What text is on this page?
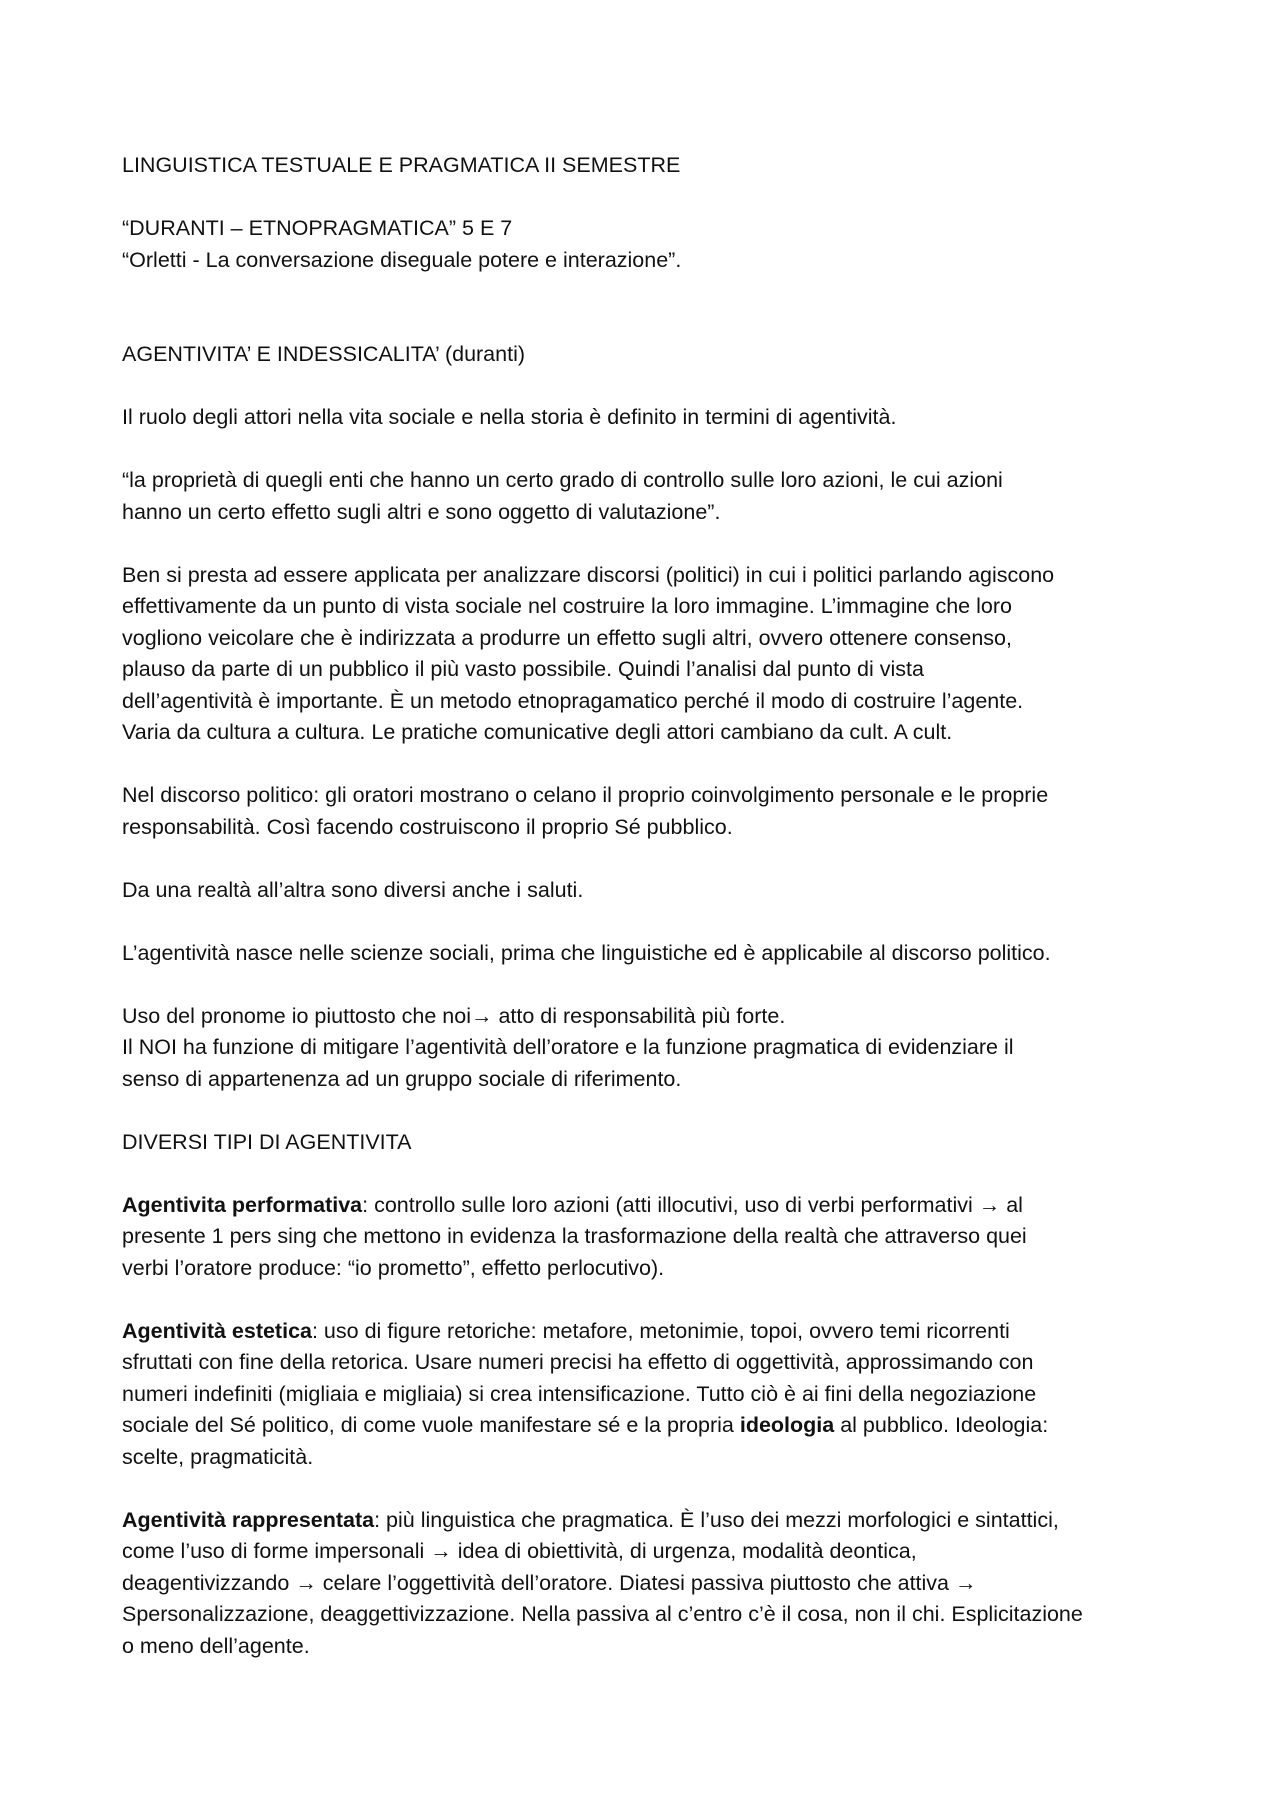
LINGUISTICA TESTUALE E PRAGMATICA II SEMESTRE

“DURANTI – ETNOPRAGMATICA” 5 E 7
“Orletti - La conversazione diseguale potere e interazione”.

AGENTIVITA’ E INDESSICALITA’ (duranti)

Il ruolo degli attori nella vita sociale e nella storia è definito in termini di agentività.

“la proprietà di quegli enti che hanno un certo grado di controllo sulle loro azioni, le cui azioni
hanno un certo effetto sugli altri e sono oggetto di valutazione”.

Ben si presta ad essere applicata per analizzare discorsi (politici) in cui i politici parlando agiscono
effettivamente da un punto di vista sociale nel costruire la loro immagine. L’immagine che loro
vogliono veicolare che è indirizzata a produrre un effetto sugli altri, ovvero ottenere consenso,
plauso da parte di un pubblico il più vasto possibile. Quindi l’analisi dal punto di vista
dell’agentività è importante. È un metodo etnopragamatico perché il modo di costruire l’agente.
Varia da cultura a cultura. Le pratiche comunicative degli attori cambiano da cult. A cult.

Nel discorso politico: gli oratori mostrano o celano il proprio coinvolgimento personale e le proprie
responsabilità. Così facendo costruiscono il proprio Sé pubblico.

Da una realtà all’altra sono diversi anche i saluti.

L’agentività nasce nelle scienze sociali, prima che linguistiche ed è applicabile al discorso politico.

Uso del pronome io piuttosto che noi→ atto di responsabilità più forte.
Il NOI ha funzione di mitigare l’agentività dell’oratore e la funzione pragmatica di evidenziare il
senso di appartenenza ad un gruppo sociale di riferimento.

DIVERSI TIPI DI AGENTIVITA

Agentivita performativa: controllo sulle loro azioni (atti illocutivi, uso di verbi performativi → al
presente 1 pers sing che mettono in evidenza la trasformazione della realtà che attraverso quei
verbi l’oratore produce: “io prometto”, effetto perlocutivo).

Agentività estetica: uso di figure retoriche: metafore, metonimie, topoi, ovvero temi ricorrenti
sfruttati con fine della retorica. Usare numeri precisi ha effetto di oggettività, approssimando con
numeri indefiniti (migliaia e migliaia) si crea intensificazione. Tutto ciò è ai fini della negoziazione
sociale del Sé politico, di come vuole manifestare sé e la propria ideologia al pubblico. Ideologia:
scelte, pragmaticità.

Agentività rappresentata: più linguistica che pragmatica. È l’uso dei mezzi morfologici e sintattici,
come l’uso di forme impersonali → idea di obiettività, di urgenza, modalità deontica,
deagentivizzando → celare l’oggettività dell’oratore. Diatesi passiva piuttosto che attiva →
Spersonalizzazione, deaggettivizzazione. Nella passiva al c’entro c’è il cosa, non il chi. Esplicitazione
o meno dell’agente.
